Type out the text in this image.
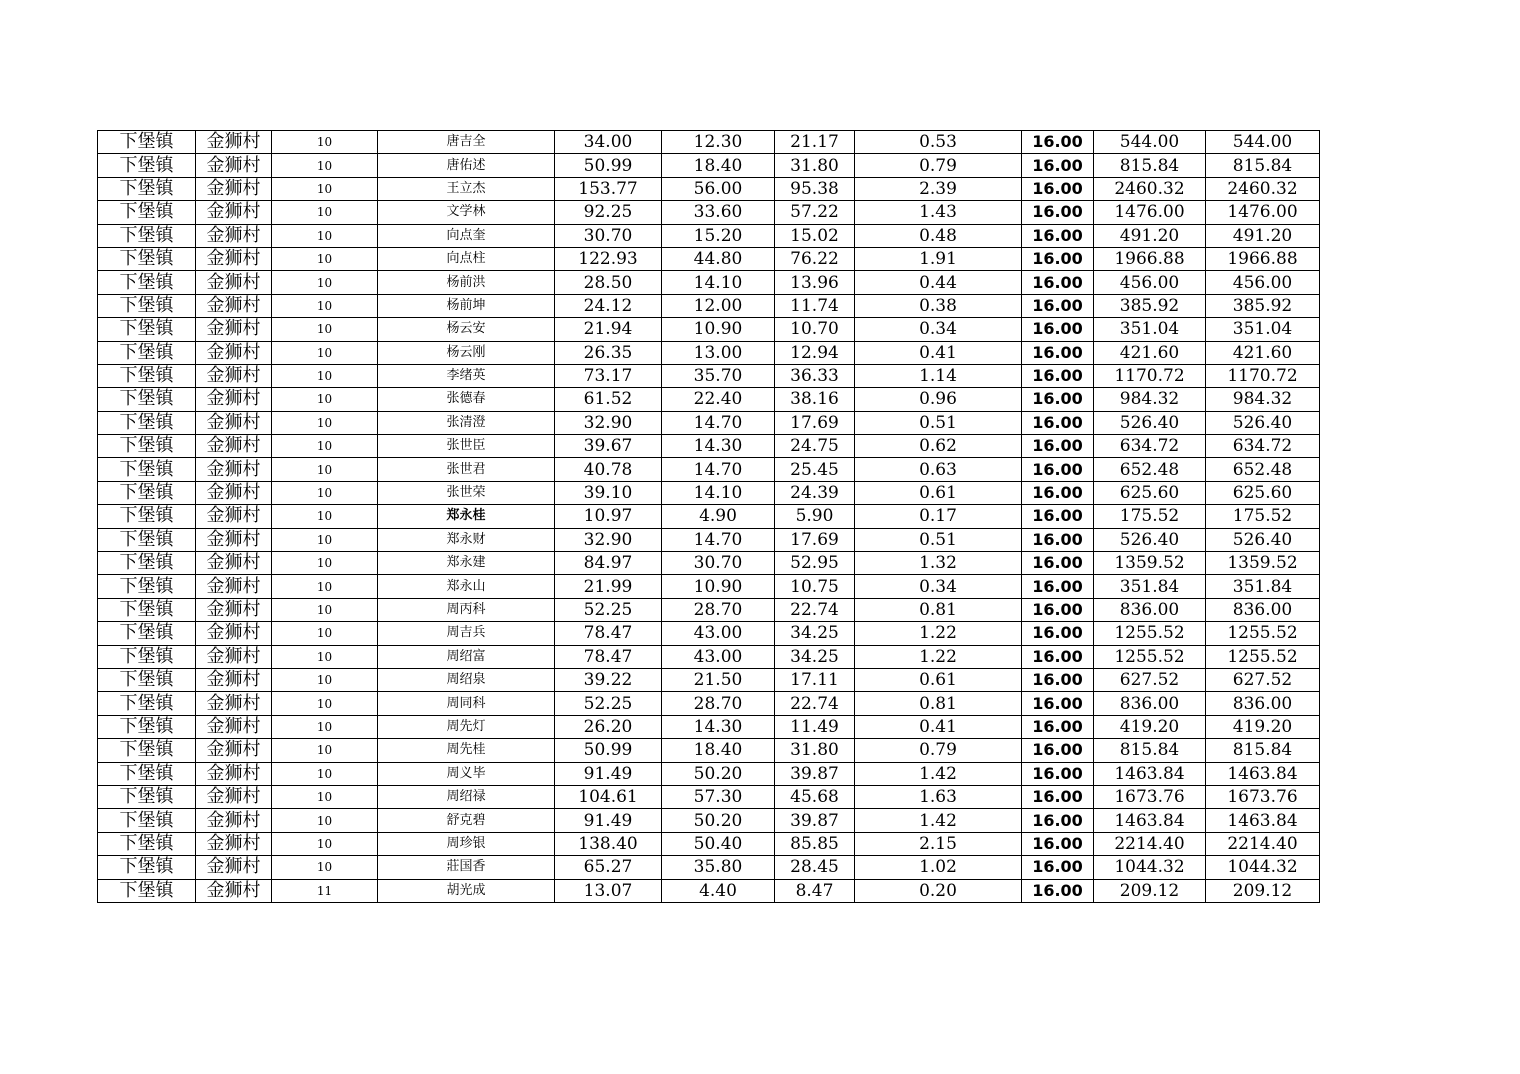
下堡镇	金狮村	10	唐吉全	34.00	12.30	21.17	0.53	16.00	544.00	544.00
下堡镇	金狮村	10	唐佑述	50.99	18.40	31.80	0.79	16.00	815.84	815.84
下堡镇	金狮村	10	王立杰	153.77	56.00	95.38	2.39	16.00	2460.32	2460.32
下堡镇	金狮村	10	文学林	92.25	33.60	57.22	1.43	16.00	1476.00	1476.00
下堡镇	金狮村	10	向点奎	30.70	15.20	15.02	0.48	16.00	491.20	491.20
下堡镇	金狮村	10	向点柱	122.93	44.80	76.22	1.91	16.00	1966.88	1966.88
下堡镇	金狮村	10	杨前洪	28.50	14.10	13.96	0.44	16.00	456.00	456.00
下堡镇	金狮村	10	杨前坤	24.12	12.00	11.74	0.38	16.00	385.92	385.92
下堡镇	金狮村	10	杨云安	21.94	10.90	10.70	0.34	16.00	351.04	351.04
下堡镇	金狮村	10	杨云刚	26.35	13.00	12.94	0.41	16.00	421.60	421.60
下堡镇	金狮村	10	李绪英	73.17	35.70	36.33	1.14	16.00	1170.72	1170.72
下堡镇	金狮村	10	张德春	61.52	22.40	38.16	0.96	16.00	984.32	984.32
下堡镇	金狮村	10	张清澄	32.90	14.70	17.69	0.51	16.00	526.40	526.40
下堡镇	金狮村	10	张世臣	39.67	14.30	24.75	0.62	16.00	634.72	634.72
下堡镇	金狮村	10	张世君	40.78	14.70	25.45	0.63	16.00	652.48	652.48
下堡镇	金狮村	10	张世荣	39.10	14.10	24.39	0.61	16.00	625.60	625.60
下堡镇	金狮村	10	郑永桂	10.97	4.90	5.90	0.17	16.00	175.52	175.52
下堡镇	金狮村	10	郑永财	32.90	14.70	17.69	0.51	16.00	526.40	526.40
下堡镇	金狮村	10	郑永建	84.97	30.70	52.95	1.32	16.00	1359.52	1359.52
下堡镇	金狮村	10	郑永山	21.99	10.90	10.75	0.34	16.00	351.84	351.84
下堡镇	金狮村	10	周丙科	52.25	28.70	22.74	0.81	16.00	836.00	836.00
下堡镇	金狮村	10	周吉兵	78.47	43.00	34.25	1.22	16.00	1255.52	1255.52
下堡镇	金狮村	10	周绍富	78.47	43.00	34.25	1.22	16.00	1255.52	1255.52
下堡镇	金狮村	10	周绍泉	39.22	21.50	17.11	0.61	16.00	627.52	627.52
下堡镇	金狮村	10	周同科	52.25	28.70	22.74	0.81	16.00	836.00	836.00
下堡镇	金狮村	10	周先灯	26.20	14.30	11.49	0.41	16.00	419.20	419.20
下堡镇	金狮村	10	周先桂	50.99	18.40	31.80	0.79	16.00	815.84	815.84
下堡镇	金狮村	10	周义毕	91.49	50.20	39.87	1.42	16.00	1463.84	1463.84
下堡镇	金狮村	10	周绍禄	104.61	57.30	45.68	1.63	16.00	1673.76	1673.76
下堡镇	金狮村	10	舒克碧	91.49	50.20	39.87	1.42	16.00	1463.84	1463.84
下堡镇	金狮村	10	周珍银	138.40	50.40	85.85	2.15	16.00	2214.40	2214.40
下堡镇	金狮村	10	莊国香	65.27	35.80	28.45	1.02	16.00	1044.32	1044.32
下堡镇	金狮村	11	胡光成	13.07	4.40	8.47	0.20	16.00	209.12	209.12
